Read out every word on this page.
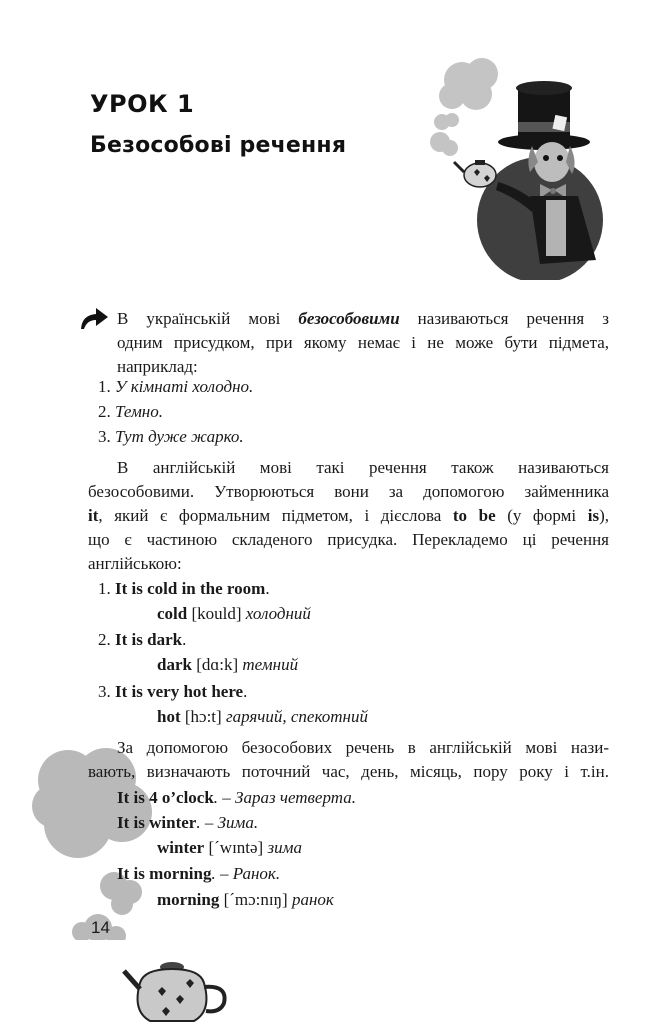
УРОК 1
Безособові речення
В українській мові безособовими називаються речення з
одним присудком, при якому немає і не може бути підмета,
наприклад:
1. У кімнаті холодно.
2. Темно.
3. Тут дуже жарко.
В англійській мові такі речення також називаються
безособовими. Утворюються вони за допомогою займенника
it, який є формальним підметом, і дієслова to be (у формі is),
що є частиною складеного присудка. Перекладемо ці речення
англійською:
1. It is cold in the room.
cold [kould] холодний
2. It is dark.
dark [dɑ:k] темний
3. It is very hot here.
hot [hɔ:t] гарячий, спекотний
За допомогою безособових речень в англійській мові нази-
вають, визначають поточний час, день, місяць, пору року і т.ін.
It is 4 o’clock. – Зараз четверта.
It is winter. – Зима.
winter [´wɪntə] зима
It is morning. – Ранок.
morning [´mɔ:nɪŋ] ранок
14
